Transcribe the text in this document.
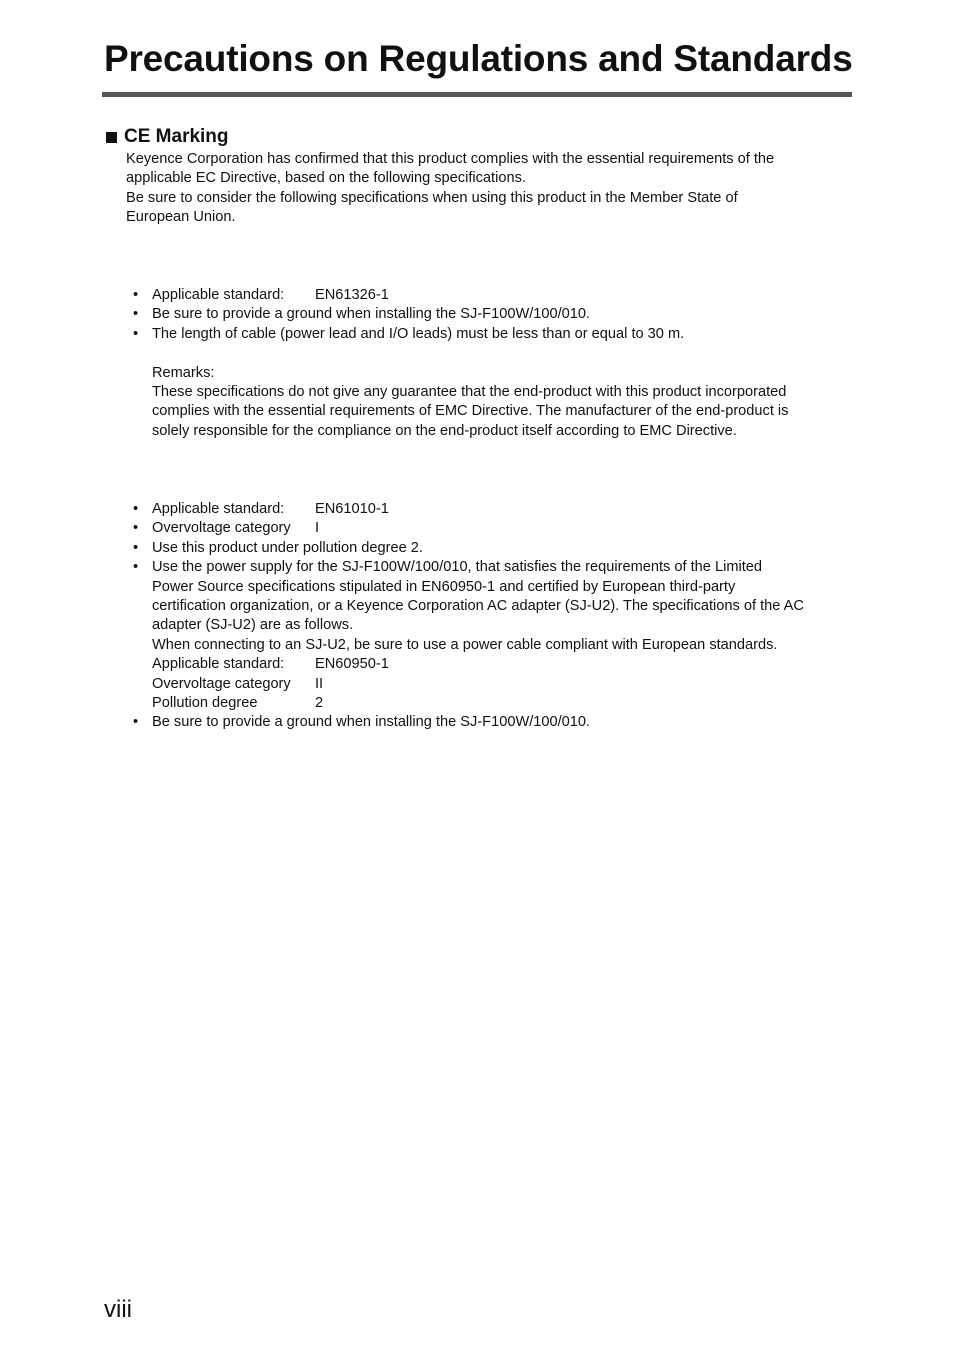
Precautions on Regulations and Standards
CE Marking

Keyence Corporation has confirmed that this product complies with the essential requirements of the

applicable EC Directive, based on the following specifications.

Be sure to consider the following specifications when using this product in the Member State of

European Union.

• Applicable standard:	EN61326-1
• Be sure to provide a ground when installing the SJ-F100W/100/010.
• The length of cable (power lead and I/O leads) must be less than or equal to 30 m.

Remarks:

These specifications do not give any guarantee that the end-product with this product incorporated

complies with the essential requirements of EMC Directive. The manufacturer of the end-product is

solely responsible for the compliance on the end-product itself according to EMC Directive.

• Applicable standard:	EN61010-1
• Overvoltage category	I
• Use this product under pollution degree 2.
• Use the power supply for the SJ-F100W/100/010, that satisfies the requirements of the Limited
Power Source specifications stipulated in EN60950-1 and certified by European third-party
certification organization, or a Keyence Corporation AC adapter (SJ-U2). The specifications of the AC
adapter (SJ-U2) are as follows.
When connecting to an SJ-U2, be sure to use a power cable compliant with European standards.
Applicable standard:	EN60950-1
Overvoltage category	II
Pollution degree	2
• Be sure to provide a ground when installing the SJ-F100W/100/010.
viii
